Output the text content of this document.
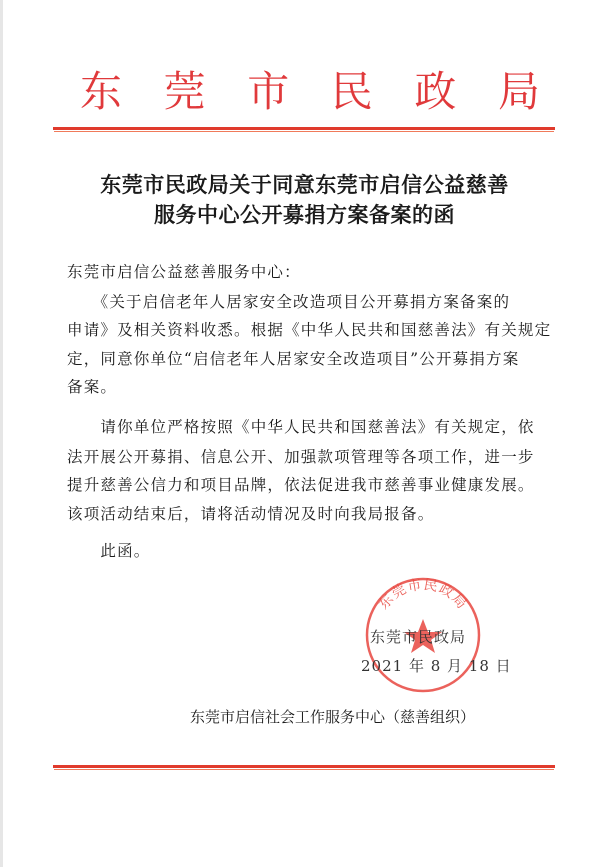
东 莞 市 民 政 局
东莞市民政局关于同意东莞市启信公益慈善
服务中心公开募捐方案备案的函
东莞市启信公益慈善服务中心：
　　《关于启信老年人居家安全改造项目公开募捐方案备案的
申请》及相关资料收悉。根据《中华人民共和国慈善法》有关规定
定，同意你单位“启信老年人居家安全改造项目”公开募捐方案
备案。
　　请你单位严格按照《中华人民共和国慈善法》有关规定，依
法开展公开募捐、信息公开、加强款项管理等各项工作，进一步
提升慈善公信力和项目品牌，依法促进我市慈善事业健康发展。
该项活动结束后，请将活动情况及时向我局报备。
　　此函。
东莞市民政局
东莞市民政局
2021 年 8 月 18 日
东莞市启信社会工作服务中心（慈善组织）
